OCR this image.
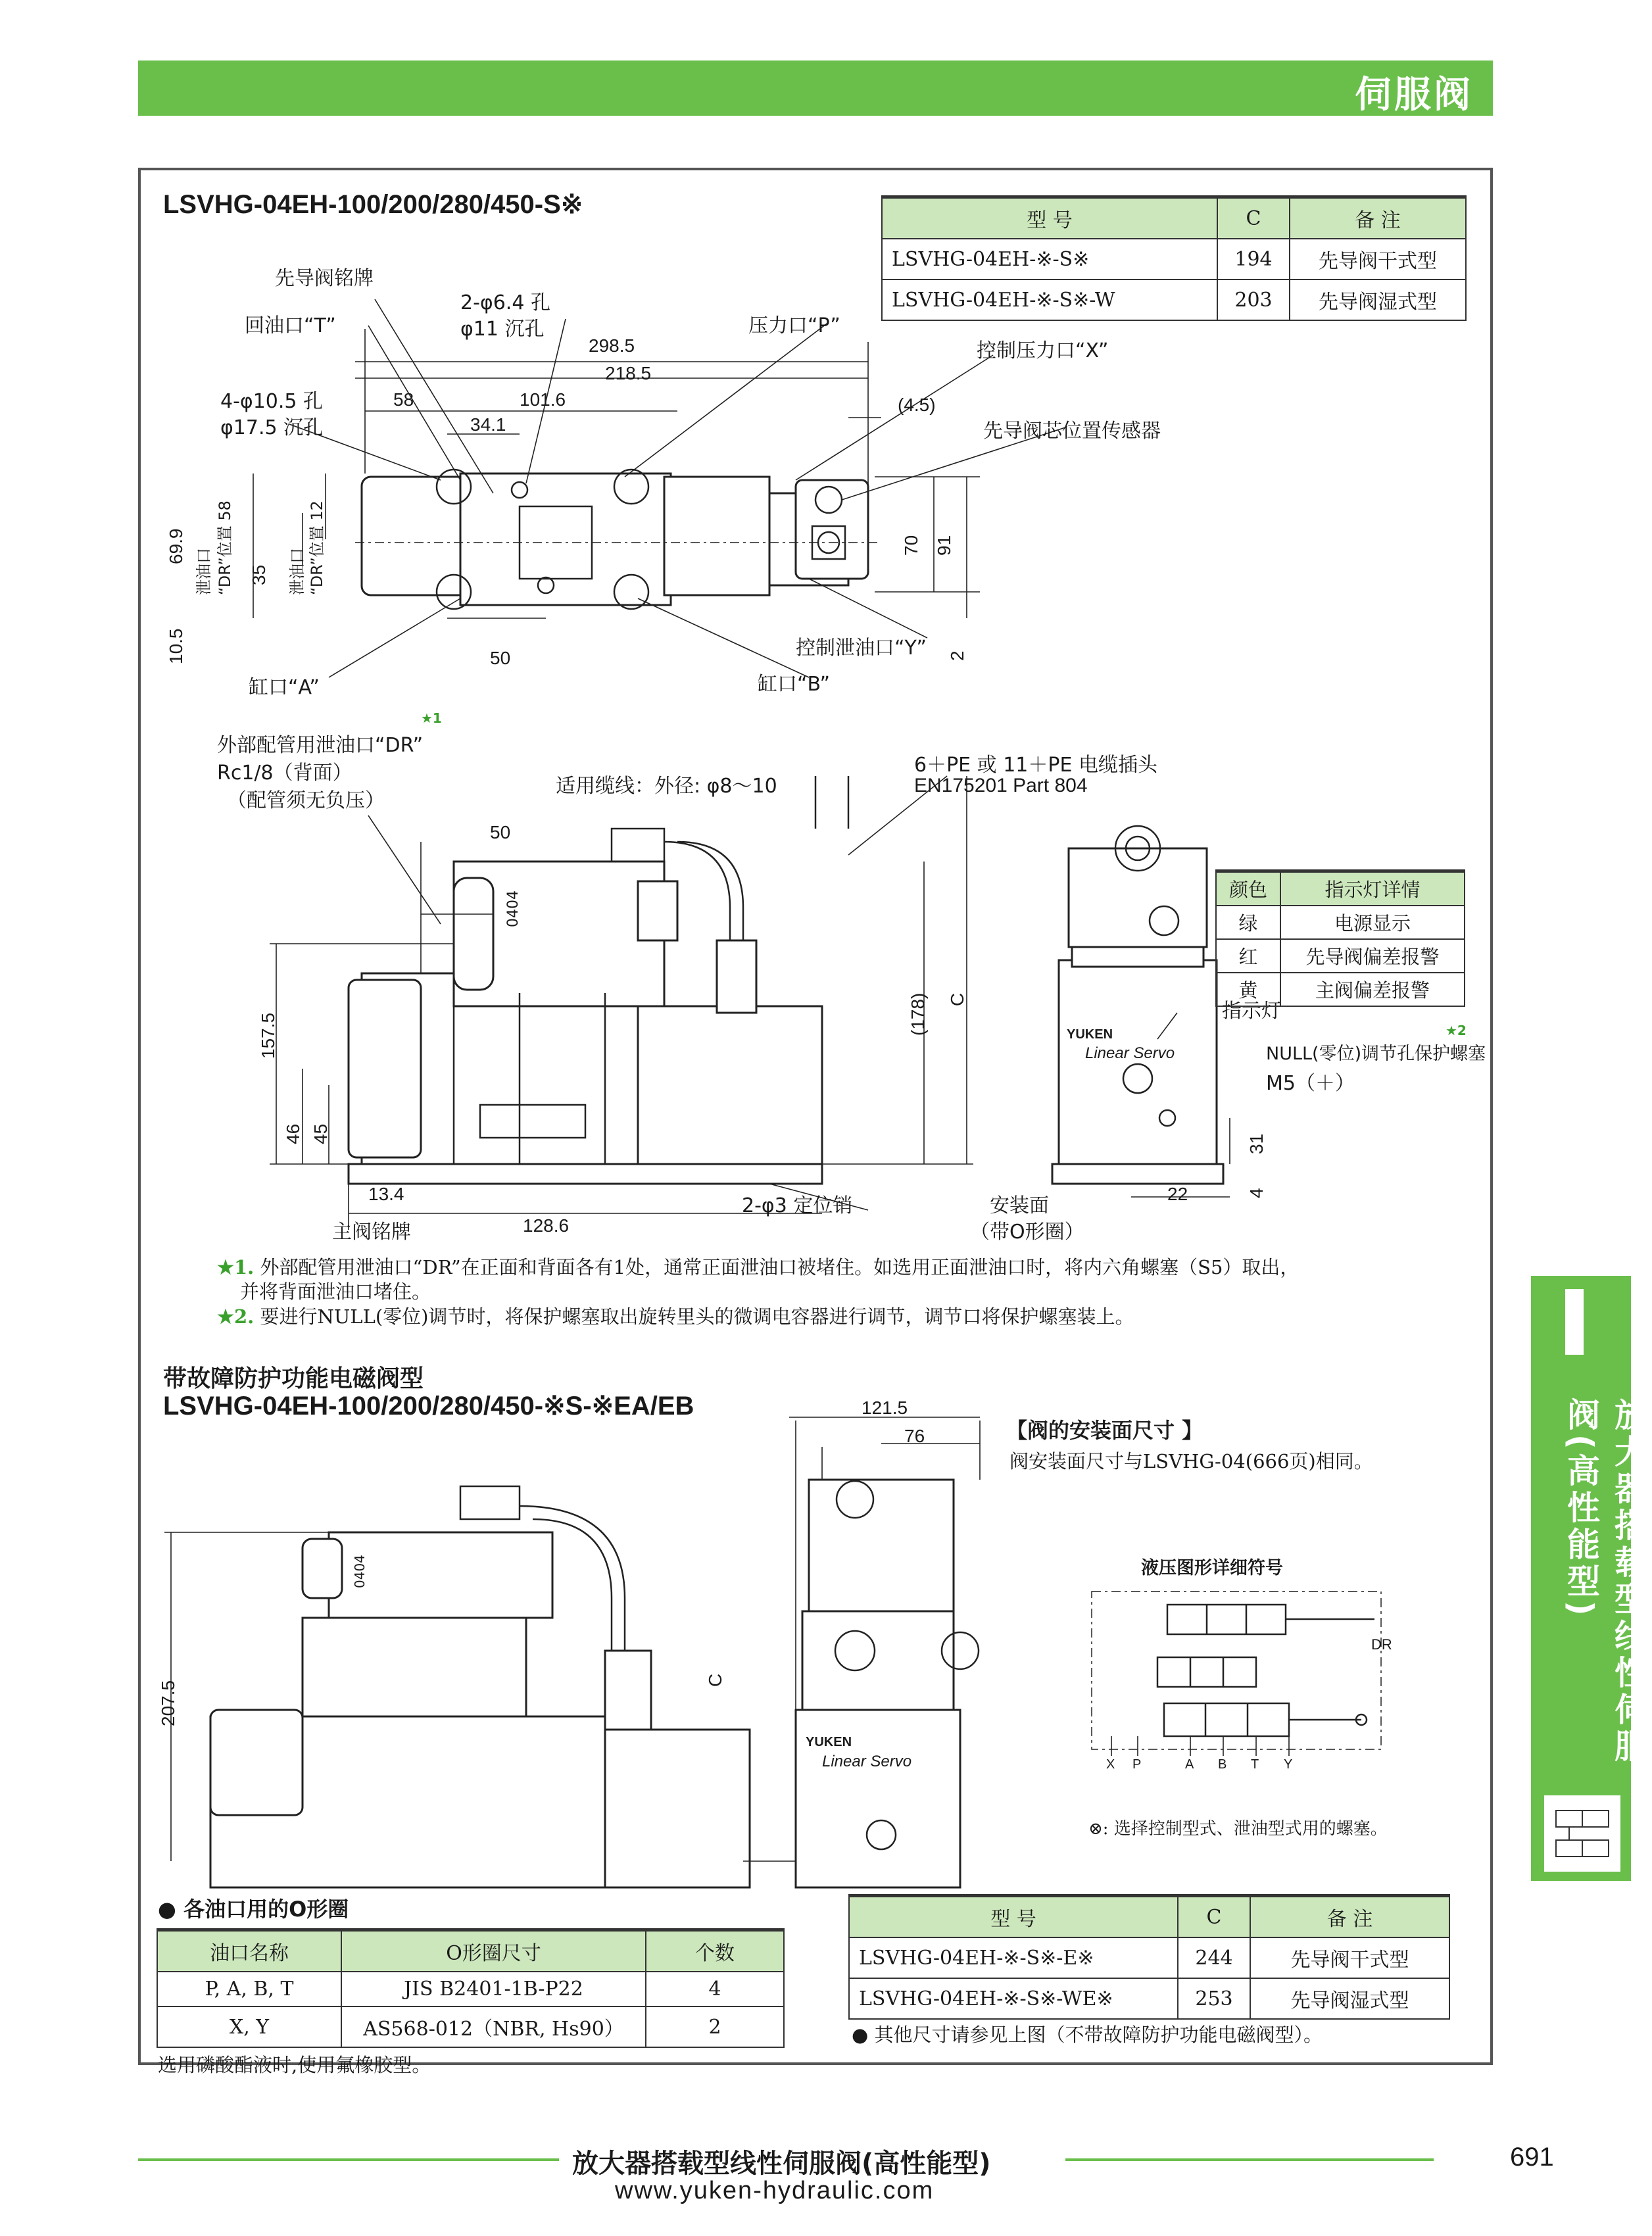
伺服阀
LSVHG-04EH-100/200/280/450-S※
型 号	C	备 注
LSVHG-04EH-※-S※	194	先导阀干式型
LSVHG-04EH-※-S※-W	203	先导阀湿式型
先导阀铭牌
回油口“T”
2-φ6.4 孔
φ11 沉孔	压力口“P”
控制压力口“X”
4-φ10.5 孔
φ17.5 沉孔	先导阀芯位置传感器
控制泄油口“Y”
缸口“A”	缸口“B”
泄油口 “DR”位置 58	泄油口 “DR”位置 12
298.5
218.5
58	101.6
34.1
(4.5)
69.9
35
10.5
70 91
2
50
外部配管用泄油口“DR”
★1
Rc1/8（背面）
（配管须无负压）
适用缆线：外径: φ8～10
6＋PE 或 11＋PE 电缆插头
EN175201 Part 804
0404
主阀铭牌
2-φ3 定位销	安装面
（带O形圈）
指示灯
NULL(零位)调节孔保护螺塞
★2
M5（＋）
YUKEN
Linear Servo
50
157.5
46 45
13.4
128.6
(178) C
31
22	4
颜色	指示灯详情
绿	电源显示
红	先导阀偏差报警
黄	主阀偏差报警
★1. 外部配管用泄油口“DR”在正面和背面各有1处，通常正面泄油口被堵住。如选用正面泄油口时，将内六角螺塞（S5）取出，
并将背面泄油口堵住。
★2. 要进行NULL(零位)调节时，将保护螺塞取出旋转里头的微调电容器进行调节，调节口将保护螺塞装上。
带故障防护功能电磁阀型
LSVHG-04EH-100/200/280/450-※S-※EA/EB	121.5
76
207.5
C
0404
YUKEN
Linear Servo
【阀的安装面尺寸 】
阀安装面尺寸与LSVHG-04(666页)相同。
液压图形详细符号
DR
X P	A B T Y
⊗: 选择控制型式、泄油型式用的螺塞。
● 各油口用的O形圈
油口名称	O形圈尺寸	个数
P, A, B, T	JIS B2401-1B-P22	4
X, Y	AS568-012（NBR, Hs90）	2
选用磷酸酯液时,使用氟橡胶型。
型 号	C	备 注
LSVHG-04EH-※-S※-E※	244	先导阀干式型
LSVHG-04EH-※-S※-WE※	253	先导阀湿式型
● 其他尺寸请参见上图（不带故障防护功能电磁阀型）。
放大器搭载型线性伺服阀(高性能型)
放大器搭载型线性伺服阀(高性能型)	691
www.yuken-hydraulic.com
